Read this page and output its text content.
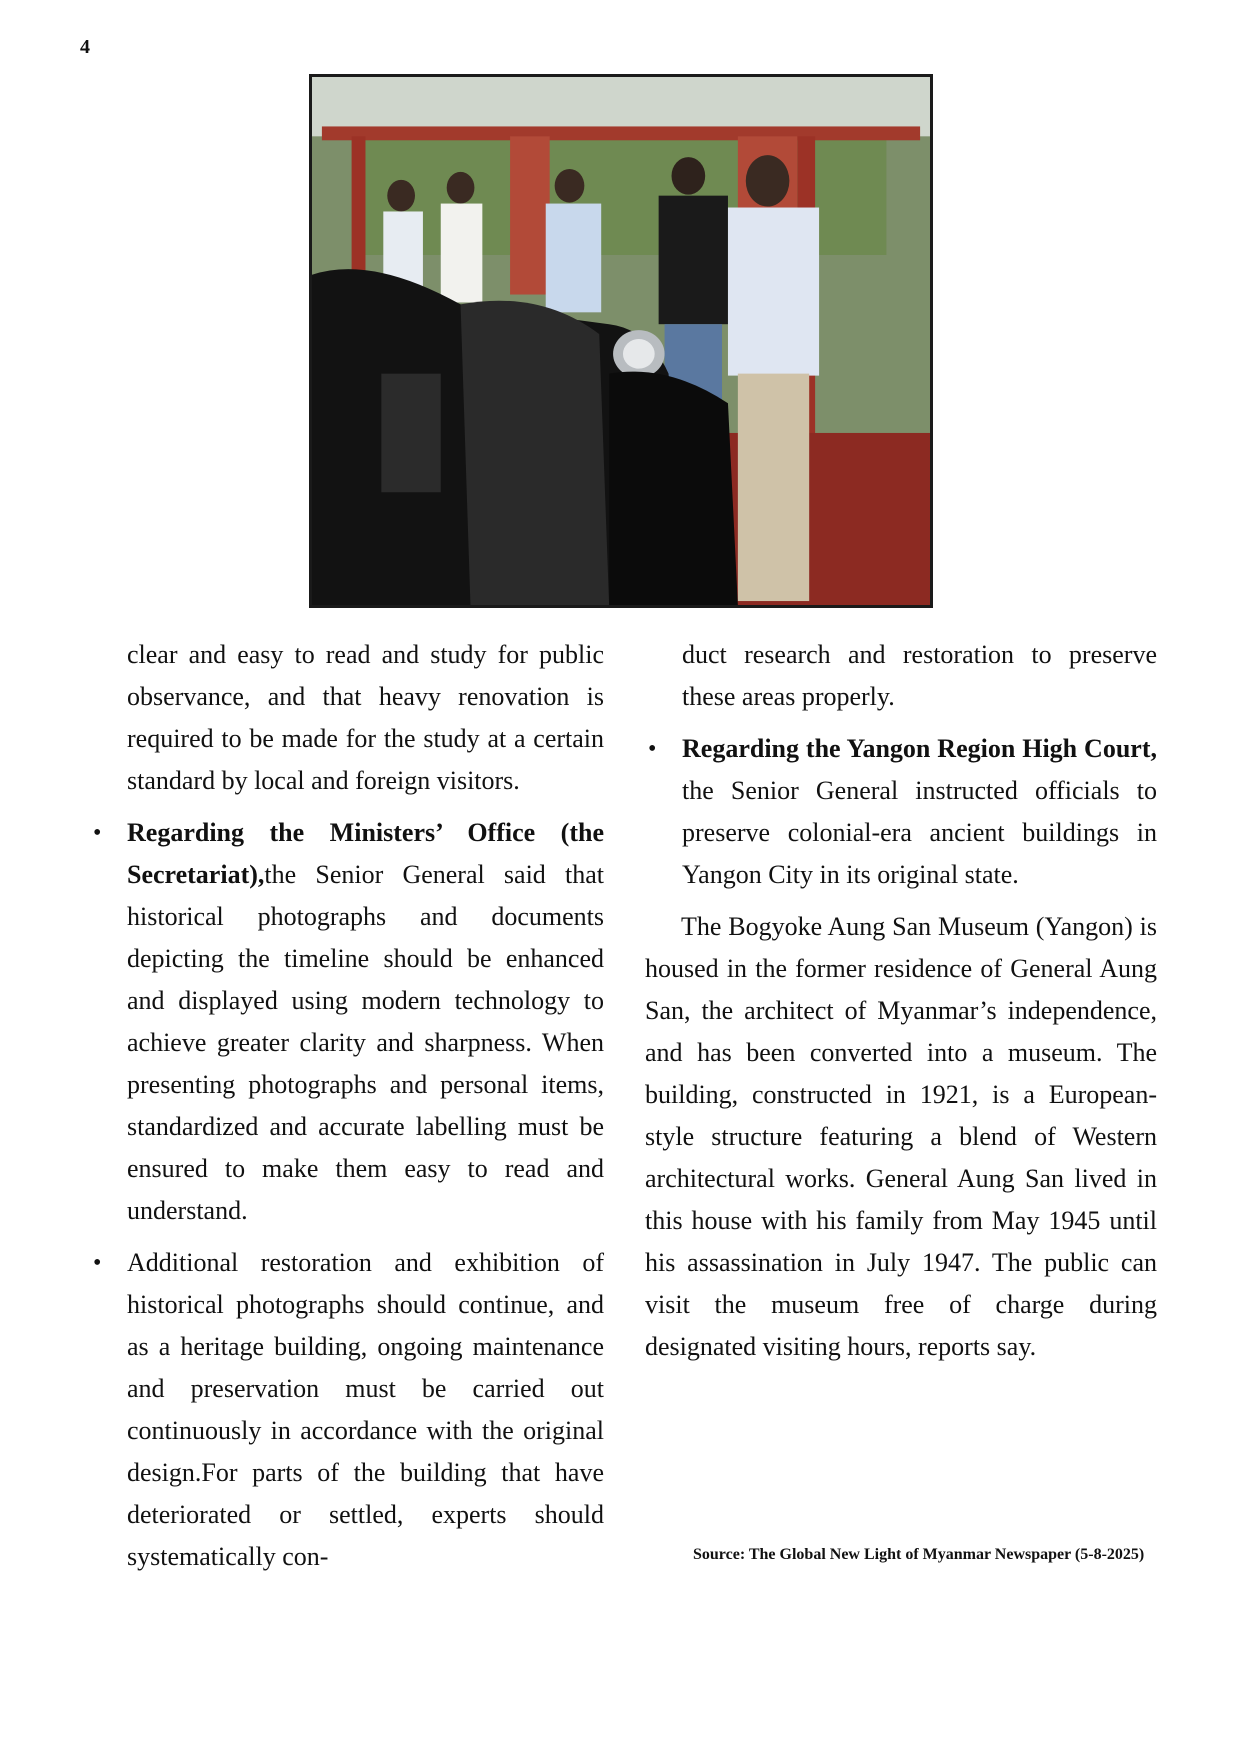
4

clear and easy to read and study for public observance, and that heavy renovation is required to be made for the study at a certain standard by local and foreign visitors.

• Regarding the Ministers’ Office (the Secretariat),the Senior General said that historical photographs and documents depicting the timeline should be enhanced and displayed using modern technology to achieve greater clarity and sharpness. When presenting photographs and personal items, standardized and accurate labelling must be ensured to make them easy to read and understand.

• Additional restoration and exhibition of historical photographs should continue, and as a heritage building, ongoing maintenance and preservation must be carried out continuously in accordance with the original design.For parts of the building that have deteriorated or settled, experts should systematically con-

duct research and restoration to preserve these areas properly.

• Regarding the Yangon Region High Court, the Senior General instructed officials to preserve colonial-era ancient buildings in Yangon City in its original state.

The Bogyoke Aung San Museum (Yangon) is housed in the former residence of General Aung San, the architect of Myanmar’s independence, and has been converted into a museum. The building, constructed in 1921, is a European-style structure featuring a blend of Western architectural works. General Aung San lived in this house with his family from May 1945 until his assassination in July 1947. The public can visit the museum free of charge during designated visiting hours, reports say.

Source: The Global New Light of Myanmar Newspaper (5-8-2025)
